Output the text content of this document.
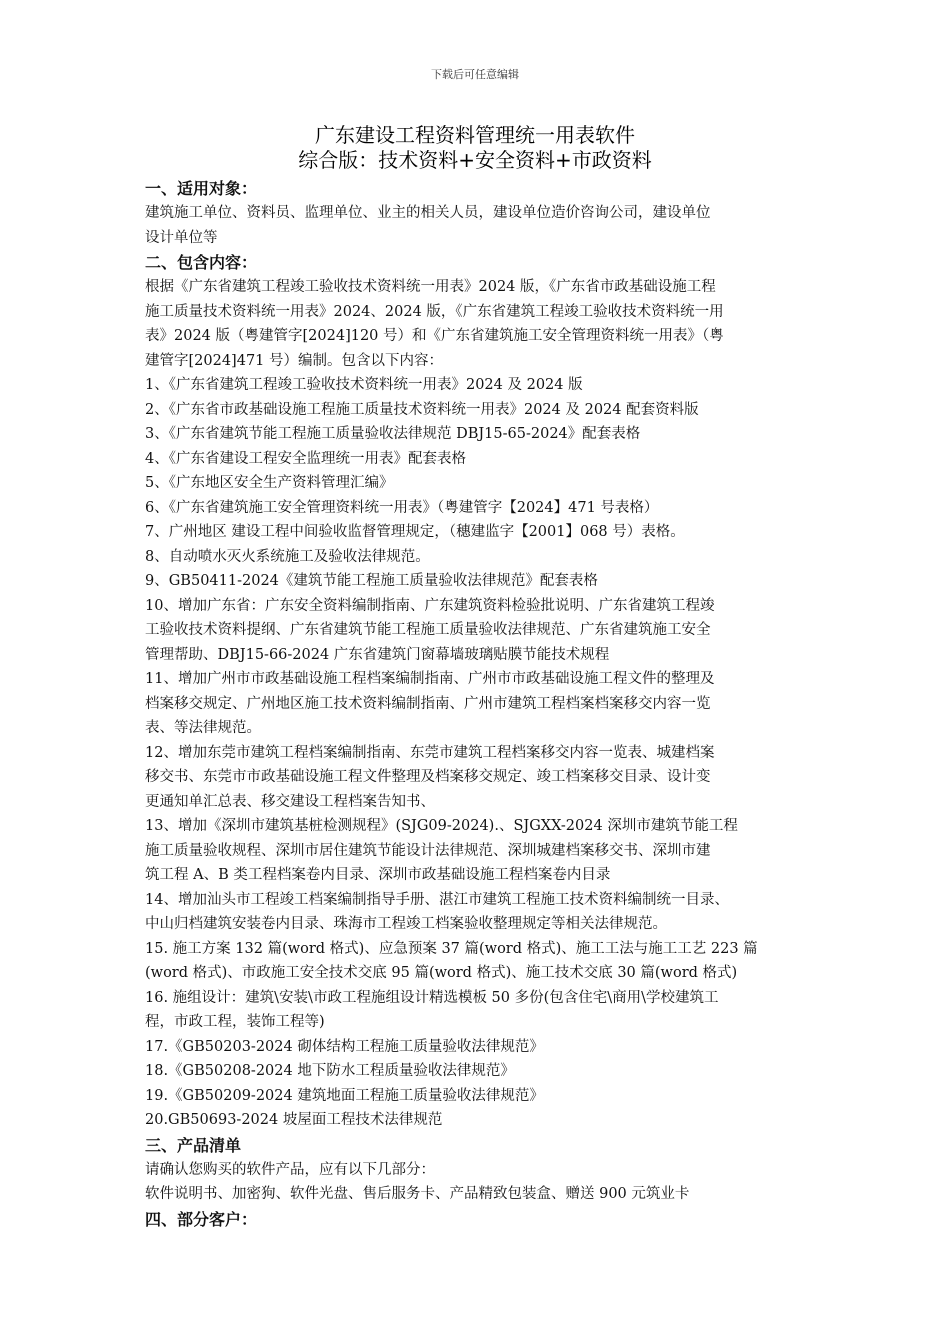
下载后可任意编辑
广东建设工程资料管理统一用表软件
综合版：技术资料+安全资料+市政资料
一、适用对象：
建筑施工单位、资料员、监理单位、业主的相关人员，建设单位造价咨询公司，建设单位
设计单位等
二、包含内容：
根据《广东省建筑工程竣工验收技术资料统一用表》2024 版，《广东省市政基础设施工程
施工质量技术资料统一用表》2024、2024 版，《广东省建筑工程竣工验收技术资料统一用
表》2024 版（粤建管字[2024]120 号）和《广东省建筑施工安全管理资料统一用表》（粤
建管字[2024]471 号）编制。包含以下内容：
1、《广东省建筑工程竣工验收技术资料统一用表》2024 及 2024 版
2、《广东省市政基础设施工程施工质量技术资料统一用表》2024 及 2024 配套资料版
3、《广东省建筑节能工程施工质量验收法律规范 DBJ15-65-2024》配套表格
4、《广东省建设工程安全监理统一用表》配套表格
5、《广东地区安全生产资料管理汇编》
6、《广东省建筑施工安全管理资料统一用表》（粤建管字【2024】471 号表格）
7、广州地区 建设工程中间验收监督管理规定，（穗建监字【2001】068 号）表格。
8、自动喷水灭火系统施工及验收法律规范。
9、GB50411-2024《建筑节能工程施工质量验收法律规范》配套表格
10、增加广东省：广东安全资料编制指南、广东建筑资料检验批说明、广东省建筑工程竣
工验收技术资料提纲、广东省建筑节能工程施工质量验收法律规范、广东省建筑施工安全
管理帮助、DBJ15-66-2024 广东省建筑门窗幕墙玻璃贴膜节能技术规程
11、增加广州市市政基础设施工程档案编制指南、广州市市政基础设施工程文件的整理及
档案移交规定、广州地区施工技术资料编制指南、广州市建筑工程档案档案移交内容一览
表、等法律规范。
12、增加东莞市建筑工程档案编制指南、东莞市建筑工程档案移交内容一览表、城建档案
移交书、东莞市市政基础设施工程文件整理及档案移交规定、竣工档案移交目录、设计变
更通知单汇总表、移交建设工程档案告知书、
13、增加《深圳市建筑基桩检测规程》(SJG09-2024).、SJGXX-2024 深圳市建筑节能工程
施工质量验收规程、深圳市居住建筑节能设计法律规范、深圳城建档案移交书、深圳市建
筑工程 A、B 类工程档案卷内目录、深圳市政基础设施工程档案卷内目录
14、增加汕头市工程竣工档案编制指导手册、湛江市建筑工程施工技术资料编制统一目录、
中山归档建筑安装卷内目录、珠海市工程竣工档案验收整理规定等相关法律规范。
15. 施工方案 132 篇(word 格式)、应急预案 37 篇(word 格式)、施工工法与施工工艺 223 篇
(word 格式)、市政施工安全技术交底 95 篇(word 格式)、施工技术交底 30 篇(word 格式)
16. 施组设计：建筑\安装\市政工程施组设计精选模板 50 多份(包含住宅\商用\学校建筑工
程，市政工程，装饰工程等)
17.《GB50203-2024 砌体结构工程施工质量验收法律规范》
18.《GB50208-2024 地下防水工程质量验收法律规范》
19.《GB50209-2024 建筑地面工程施工质量验收法律规范》
20.GB50693-2024 坡屋面工程技术法律规范
三、产品清单
请确认您购买的软件产品，应有以下几部分：
软件说明书、加密狗、软件光盘、售后服务卡、产品精致包装盒、赠送 900 元筑业卡
四、部分客户：
